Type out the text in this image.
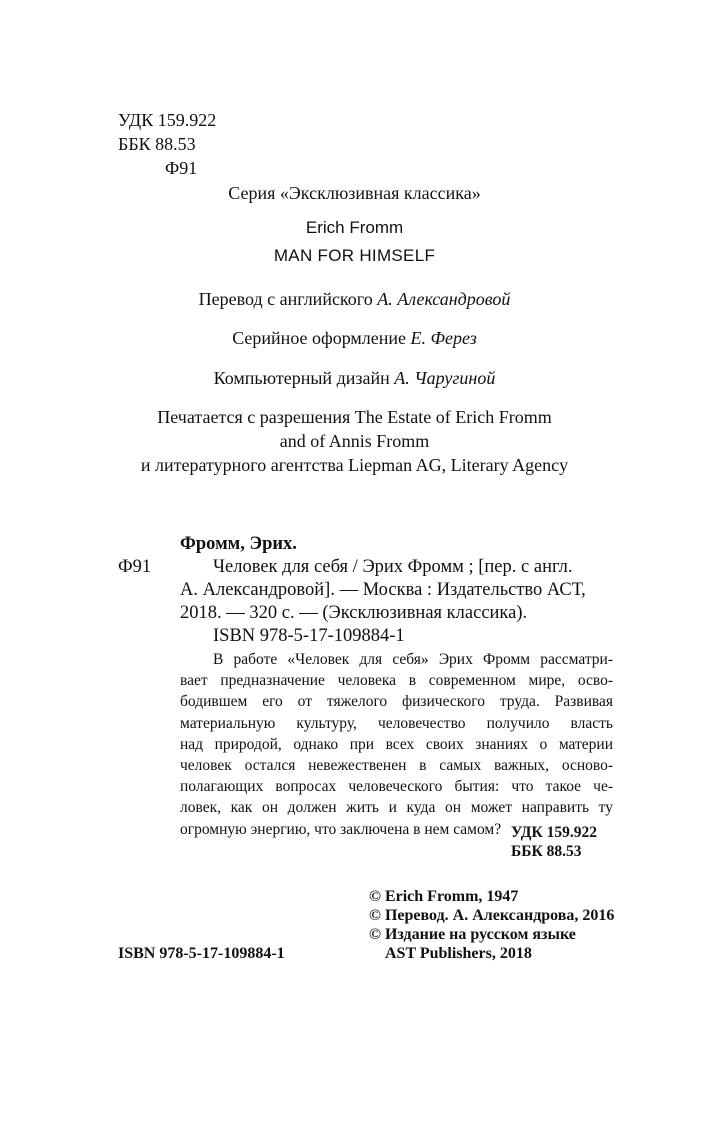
УДК 159.922
ББК 88.53
Ф91
Серия «Эксклюзивная классика»
Erich Fromm
MAN FOR HIMSELF
Перевод с английского А. Александровой
Серийное оформление Е. Ферез
Компьютерный дизайн А. Чаругиной
Печатается с разрешения The Estate of Erich Fromm
and of Annis Fromm
и литературного агентства Liepman AG, Literary Agency
Фромм, Эрих.
Ф91	Человек для себя / Эрих Фромм ; [пер. с англ.
А. Александровой]. — Москва : Издательство АСТ,
2018. — 320 с. — (Эксклюзивная классика).
ISBN 978-5-17-109884-1
В работе «Человек для себя» Эрих Фромм рассматри-
вает предназначение человека в современном мире, осво-
бодившем его от тяжелого физического труда. Развивая
материальную культуру, человечество получило власть
над природой, однако при всех своих знаниях о материи
человек остался невежественен в самых важных, осново-
полагающих вопросах человеческого бытия: что такое че-
ловек, как он должен жить и куда он может направить ту
огромную энергию, что заключена в нем самом? УДК 159.922
ББК 88.53
© Erich Fromm, 1947
© Перевод. А. Александрова, 2016
© Издание на русском языке
AST Publishers, 2018
ISBN 978-5-17-109884-1
